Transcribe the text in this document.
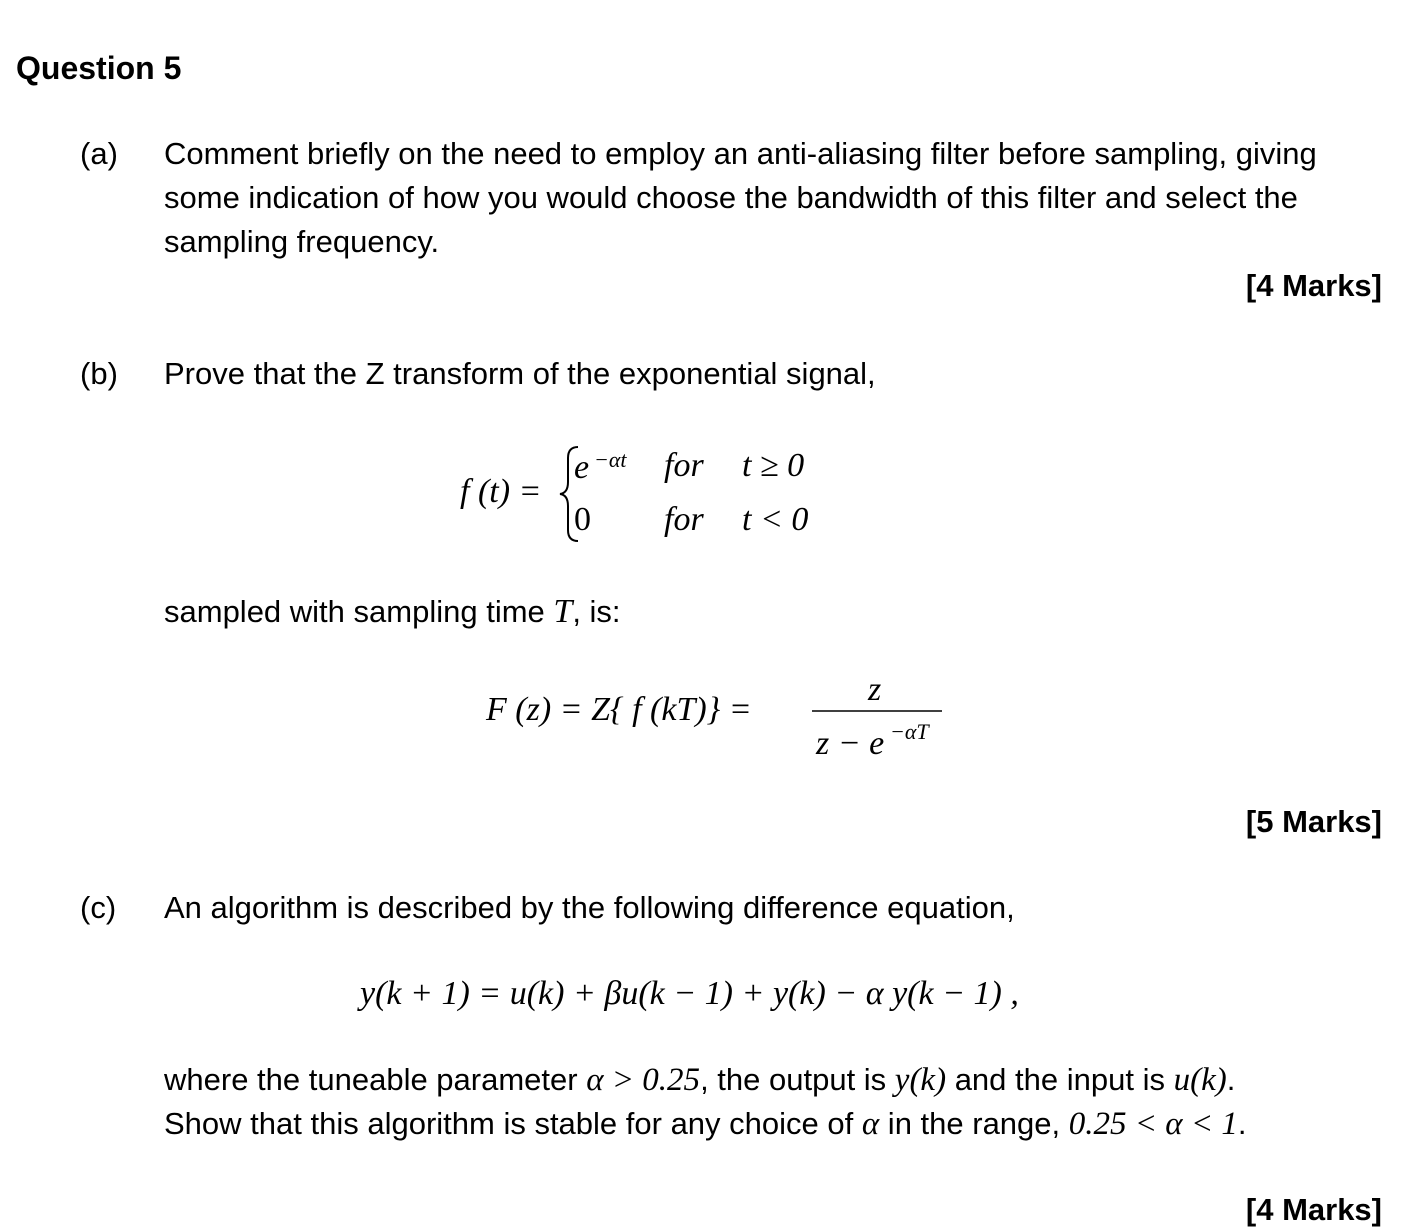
Question 5
(a) Comment briefly on the need to employ an anti-aliasing filter before sampling, giving
some indication of how you would choose the bandwidth of this filter and select the
sampling frequency.
[4 Marks]
(b) Prove that the Z transform of the exponential signal,
f (t) =
e −αt for t ≥ 0
0 for t < 0
sampled with sampling time T, is:
F (z) = Z{ f (kT)} =
z
z − e −αT
[5 Marks]
(c) An algorithm is described by the following difference equation,
y(k + 1) = u(k) + βu(k − 1) + y(k) − α y(k − 1) ,
where the tuneable parameter α > 0.25, the output is y(k) and the input is u(k).
Show that this algorithm is stable for any choice of α in the range, 0.25 < α < 1.
[4 Marks]
